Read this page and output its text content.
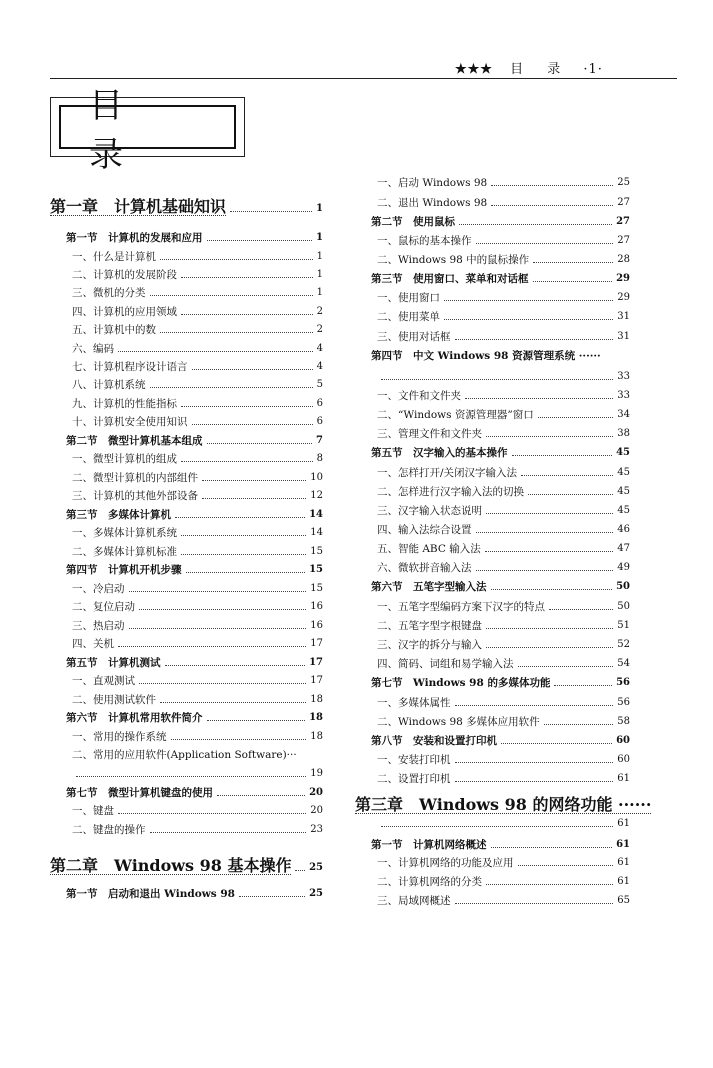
★★★ 目 录 ·1·
目 录
第一章　计算机基础知识	1
第一节　计算机的发展和应用	1
一、什么是计算机	1
二、计算机的发展阶段	1
三、微机的分类	1
四、计算机的应用领域	2
五、计算机中的数	2
六、编码	4
七、计算机程序设计语言	4
八、计算机系统	5
九、计算机的性能指标	6
十、计算机安全使用知识	6
第二节　微型计算机基本组成	7
一、微型计算机的组成	8
二、微型计算机的内部组件	10
三、计算机的其他外部设备	12
第三节　多媒体计算机	14
一、多媒体计算机系统	14
二、多媒体计算机标准	15
第四节　计算机开机步骤	15
一、冷启动	15
二、复位启动	16
三、热启动	16
四、关机	17
第五节　计算机测试	17
一、直观测试	17
二、使用测试软件	18
第六节　计算机常用软件简介	18
一、常用的操作系统	18
二、常用的应用软件(Application Software)···
19
第七节　微型计算机键盘的使用	20
一、键盘	20
二、键盘的操作	23
第二章　Windows 98 基本操作 25
第一节　启动和退出 Windows 98	25
一、启动 Windows 98	25
二、退出 Windows 98	27
第二节　使用鼠标	27
一、鼠标的基本操作	27
二、Windows 98 中的鼠标操作	28
第三节　使用窗口、菜单和对话框	29
一、使用窗口	29
二、使用菜单	31
三、使用对话框	31
第四节　中文 Windows 98 资源管理系统 ······
33
一、文件和文件夹	33
二、“Windows 资源管理器”窗口	34
三、管理文件和文件夹	38
第五节　汉字输入的基本操作	45
一、怎样打开/关闭汉字输入法	45
二、怎样进行汉字输入法的切换	45
三、汉字输入状态说明	45
四、输入法综合设置	46
五、智能 ABC 输入法	47
六、微软拼音输入法	49
第六节　五笔字型输入法	50
一、五笔字型编码方案下汉字的特点	50
二、五笔字型字根键盘	51
三、汉字的拆分与输入	52
四、简码、词组和易学输入法	54
第七节　Windows 98 的多媒体功能	56
一、多媒体属性	56
二、Windows 98 多媒体应用软件	58
第八节　安装和设置打印机	60
一、安装打印机	60
二、设置打印机	61
第三章　Windows 98 的网络功能 ······
61
第一节　计算机网络概述	61
一、计算机网络的功能及应用	61
二、计算机网络的分类	61
三、局域网概述	65
